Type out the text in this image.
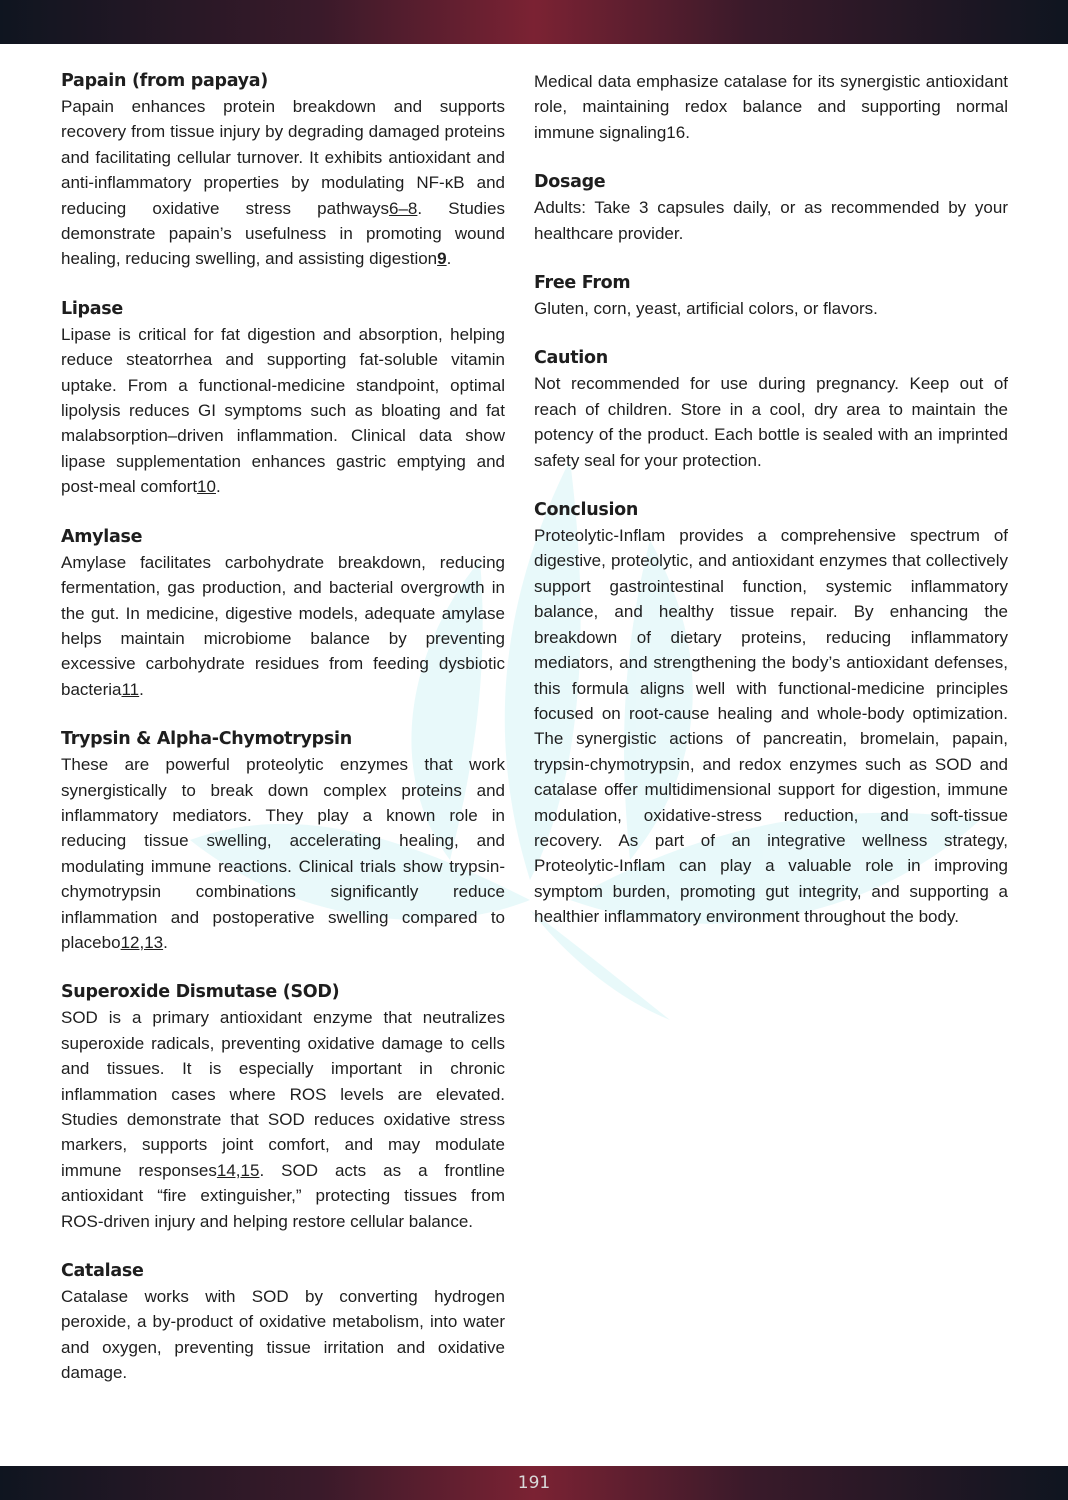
Papain (from papaya)

Papain enhances protein breakdown and supports recovery from tissue injury by degrading damaged proteins and facilitating cellular turnover. It exhibits antioxidant and anti-inflammatory properties by modulating NF-κB and reducing oxidative stress pathways6–8. Studies demonstrate papain’s usefulness in promoting wound healing, reducing swelling, and assisting digestion9.

Lipase

Lipase is critical for fat digestion and absorption, helping reduce steatorrhea and supporting fat-soluble vitamin uptake. From a functional-medicine standpoint, optimal lipolysis reduces GI symptoms such as bloating and fat malabsorption–driven inflammation. Clinical data show lipase supplementation enhances gastric emptying and post-meal comfort10.

Amylase

Amylase facilitates carbohydrate breakdown, reducing fermentation, gas production, and bacterial overgrowth in the gut. In medicine, digestive models, adequate amylase helps maintain microbiome balance by preventing excessive carbohydrate residues from feeding dysbiotic bacteria11.

Trypsin & Alpha-Chymotrypsin

These are powerful proteolytic enzymes that work synergistically to break down complex proteins and inflammatory mediators. They play a known role in reducing tissue swelling, accelerating healing, and modulating immune reactions. Clinical trials show trypsin-chymotrypsin combinations significantly reduce inflammation and postoperative swelling compared to placebo12,13.

Superoxide Dismutase (SOD)

SOD is a primary antioxidant enzyme that neutralizes superoxide radicals, preventing oxidative damage to cells and tissues. It is especially important in chronic inflammation cases where ROS levels are elevated. Studies demonstrate that SOD reduces oxidative stress markers, supports joint comfort, and may modulate immune responses14,15. SOD acts as a frontline antioxidant “fire extinguisher,” protecting tissues from ROS-driven injury and helping restore cellular balance.

Catalase

Catalase works with SOD by converting hydrogen peroxide, a by-product of oxidative metabolism, into water and oxygen, preventing tissue irritation and oxidative damage.

Medical data emphasize catalase for its synergistic antioxidant role, maintaining redox balance and supporting normal immune signaling16.

Dosage

Adults: Take 3 capsules daily, or as recommended by your healthcare provider.

Free From

Gluten, corn, yeast, artificial colors, or flavors.

Caution

Not recommended for use during pregnancy. Keep out of reach of children. Store in a cool, dry area to maintain the potency of the product. Each bottle is sealed with an imprinted safety seal for your protection.

Conclusion

Proteolytic-Inflam provides a comprehensive spectrum of digestive, proteolytic, and antioxidant enzymes that collectively support gastrointestinal function, systemic inflammatory balance, and healthy tissue repair. By enhancing the breakdown of dietary proteins, reducing inflammatory mediators, and strengthening the body’s antioxidant defenses, this formula aligns well with functional-medicine principles focused on root-cause healing and whole-body optimization. The synergistic actions of pancreatin, bromelain, papain, trypsin-chymotrypsin, and redox enzymes such as SOD and catalase offer multidimensional support for digestion, immune modulation, oxidative-stress reduction, and soft-tissue recovery. As part of an integrative wellness strategy, Proteolytic-Inflam can play a valuable role in improving symptom burden, promoting gut integrity, and supporting a healthier inflammatory environment throughout the body.

191
